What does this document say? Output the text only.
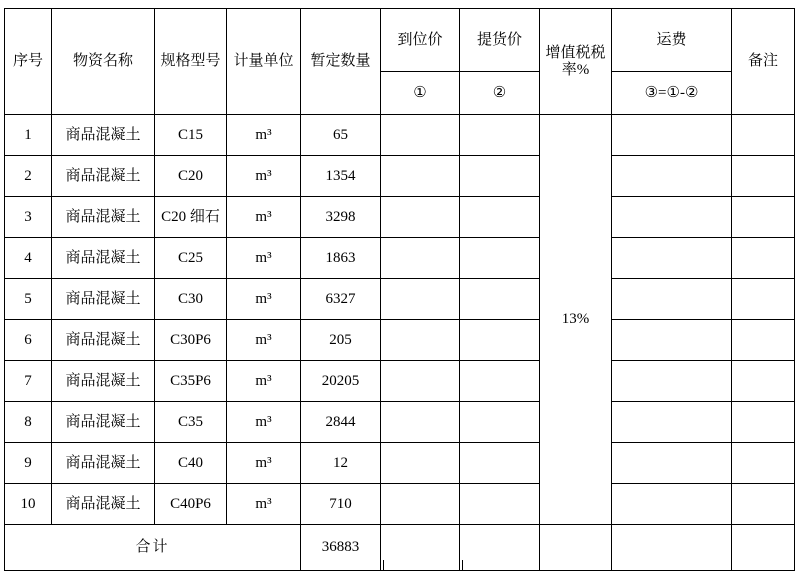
序号	物资名称	规格型号	计量单位	暂定数量	到位价	提货价	增值税税率%	运费	备注
					①	②		③=①-②	
1	商品混凝土	C15	m³	65			13%		
2	商品混凝土	C20	m³	1354					
3	商品混凝土	C20 细石	m³	3298					
4	商品混凝土	C25	m³	1863					
5	商品混凝土	C30	m³	6327					
6	商品混凝土	C30P6	m³	205					
7	商品混凝土	C35P6	m³	20205					
8	商品混凝土	C35	m³	2844					
9	商品混凝土	C40	m³	12					
10	商品混凝土	C40P6	m³	710					
合计				36883					
